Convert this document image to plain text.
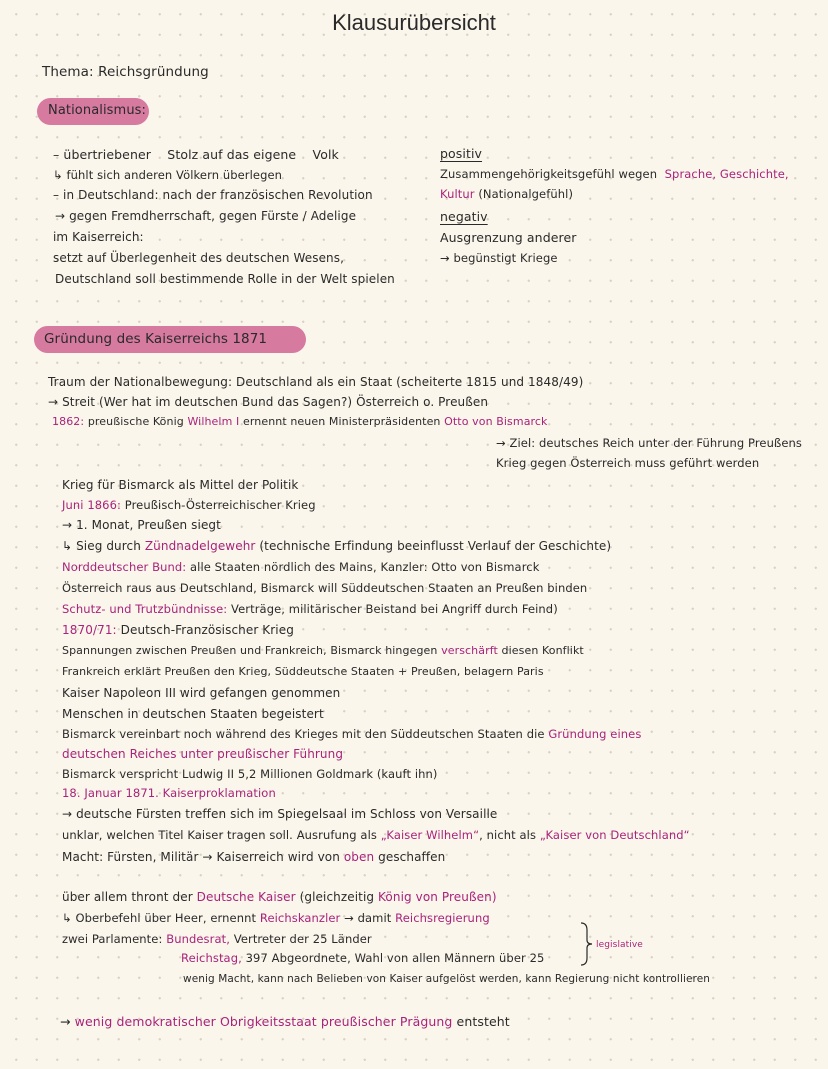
Klausurübersicht
Thema: Reichsgründung
Nationalismus:
– übertriebener Stolz auf das eigene Volk
↳ fühlt sich anderen Völkern überlegen
– in Deutschland: nach der französischen Revolution
→ gegen Fremdherrschaft, gegen Fürste / Adelige
im Kaiserreich:
setzt auf Überlegenheit des deutschen Wesens,
Deutschland soll bestimmende Rolle in der Welt spielen
positiv
Zusammengehörigkeitsgefühl wegen Sprache, Geschichte,
Kultur (Nationalgefühl)
negativ
Ausgrenzung anderer
→ begünstigt Kriege
Gründung des Kaiserreichs 1871
Traum der Nationalbewegung: Deutschland als ein Staat (scheiterte 1815 und 1848/49)
→ Streit (Wer hat im deutschen Bund das Sagen?) Österreich o. Preußen
1862: preußische König Wilhelm I ernennt neuen Ministerpräsidenten Otto von Bismarck
→ Ziel: deutsches Reich unter der Führung Preußens
Krieg gegen Österreich muss geführt werden
Krieg für Bismarck als Mittel der Politik
Juni 1866: Preußisch-Österreichischer Krieg
→ 1. Monat, Preußen siegt
↳ Sieg durch Zündnadelgewehr (technische Erfindung beeinflusst Verlauf der Geschichte)
Norddeutscher Bund: alle Staaten nördlich des Mains, Kanzler: Otto von Bismarck
Österreich raus aus Deutschland, Bismarck will Süddeutschen Staaten an Preußen binden
Schutz- und Trutzbündnisse: Verträge, militärischer Beistand bei Angriff durch Feind)
1870/71: Deutsch-Französischer Krieg
Spannungen zwischen Preußen und Frankreich, Bismarck hingegen verschärft diesen Konflikt
Frankreich erklärt Preußen den Krieg, Süddeutsche Staaten + Preußen, belagern Paris
Kaiser Napoleon III wird gefangen genommen
Menschen in deutschen Staaten begeistert
Bismarck vereinbart noch während des Krieges mit den Süddeutschen Staaten die Gründung eines
deutschen Reiches unter preußischer Führung
Bismarck verspricht Ludwig II 5,2 Millionen Goldmark (kauft ihn)
18. Januar 1871. Kaiserproklamation
→ deutsche Fürsten treffen sich im Spiegelsaal im Schloss von Versaille
unklar, welchen Titel Kaiser tragen soll. Ausrufung als „Kaiser Wilhelm“, nicht als „Kaiser von Deutschland“
Macht: Fürsten, Militär → Kaiserreich wird von oben geschaffen
über allem thront der Deutsche Kaiser (gleichzeitig König von Preußen)
↳ Oberbefehl über Heer, ernennt Reichskanzler → damit Reichsregierung
zwei Parlamente: Bundesrat, Vertreter der 25 Länder
Reichstag, 397 Abgeordnete, Wahl von allen Männern über 25
legislative
wenig Macht, kann nach Belieben von Kaiser aufgelöst werden, kann Regierung nicht kontrollieren
→ wenig demokratischer Obrigkeitsstaat preußischer Prägung entsteht
